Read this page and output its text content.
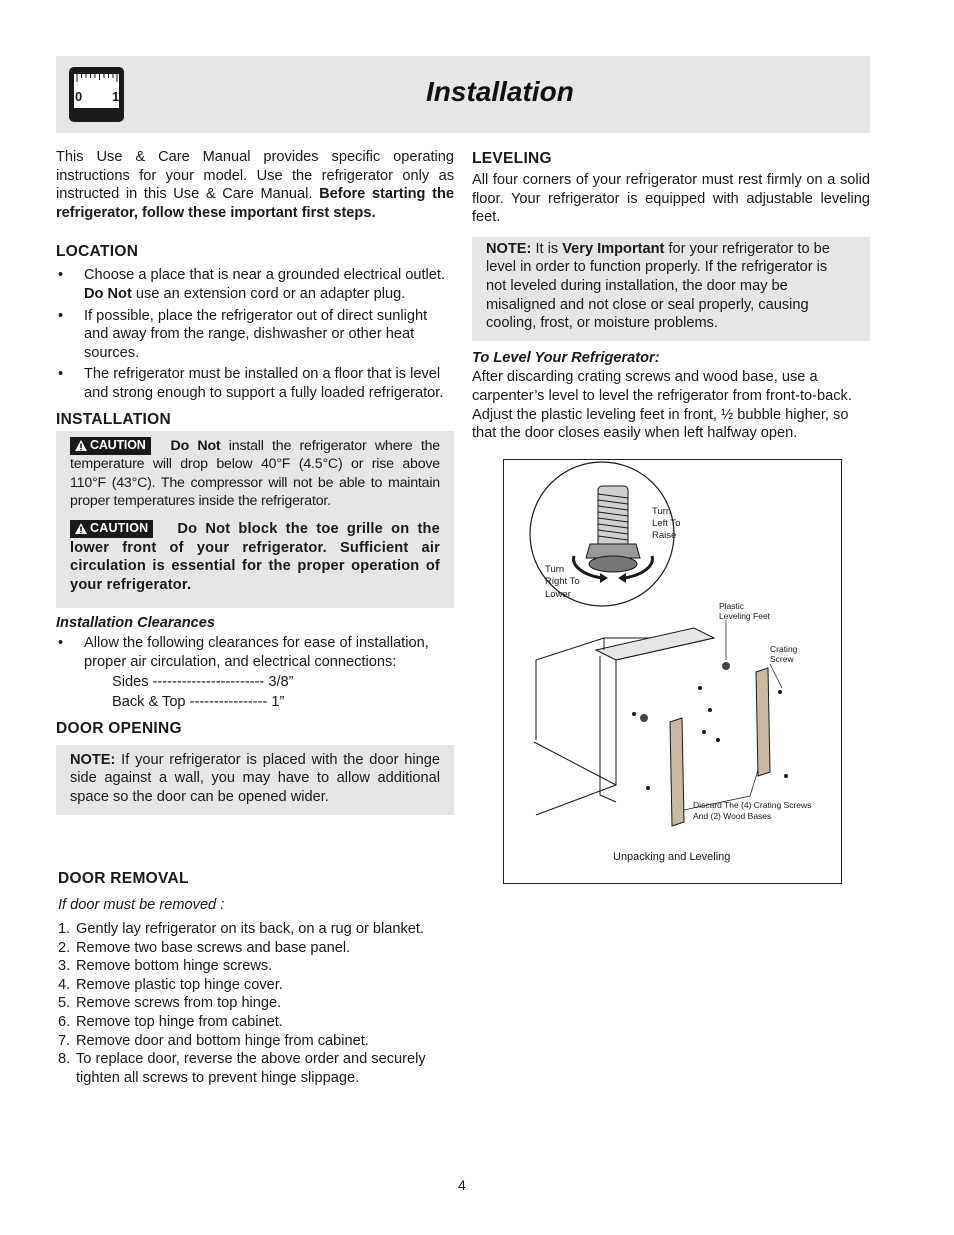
0 1	Installation

This Use & Care Manual provides specific operating instructions for your model. Use the refrigerator only as instructed in this Use & Care Manual. Before starting the refrigerator, follow these important first steps.

LOCATION
• Choose a place that is near a grounded electrical outlet. Do Not use an extension cord or an adapter plug.
• If possible, place the refrigerator out of direct sunlight and away from the range, dishwasher or other heat sources.
• The refrigerator must be installed on a floor that is level and strong enough to support a fully loaded refrigerator.
INSTALLATION

CAUTION Do Not install the refrigerator where the temperature will drop below 40°F (4.5°C) or rise above 110°F (43°C). The compressor will not be able to maintain proper temperatures inside the refrigerator.

CAUTION Do Not block the toe grille on the lower front of your refrigerator. Sufficient air circulation is essential for the proper operation of your refrigerator.

Installation Clearances

• Allow the following clearances for ease of installation, proper air circulation, and electrical connections:

Sides ----------------------- 3/8”

Back & Top ---------------- 1”

DOOR OPENING

NOTE: If your refrigerator is placed with the door hinge side against a wall, you may have to allow additional space so the door can be opened wider.

DOOR REMOVAL

If door must be removed :

1. Gently lay refrigerator on its back, on a rug or blanket.
2. Remove two base screws and base panel.
3. Remove bottom hinge screws.
4. Remove plastic top hinge cover.
5. Remove screws from top hinge.
6. Remove top hinge from cabinet.
7. Remove door and bottom hinge from cabinet.
8. To replace door, reverse the above order and securely tighten all screws to prevent hinge slippage.
LEVELING

All four corners of your refrigerator must rest firmly on a solid floor. Your refrigerator is equipped with adjustable leveling feet.

NOTE: It is Very Important for your refrigerator to be level in order to function properly. If the refrigerator is not leveled during installation, the door may be misaligned and not close or seal properly, causing cooling, frost, or moisture problems.

To Level Your Refrigerator:

After discarding crating screws and wood base, use a carpenter’s level to level the refrigerator from front-to-back. Adjust the plastic leveling feet in front, ½ bubble higher, so that the door closes easily when left halfway open.

Turn
Left To
Raise
Turn
Right To
Lower
Plastic
Leveling Feet
Crating
Screw
Discard The (4) Crating Screws
And (2) Wood Bases
Unpacking and Leveling
4
